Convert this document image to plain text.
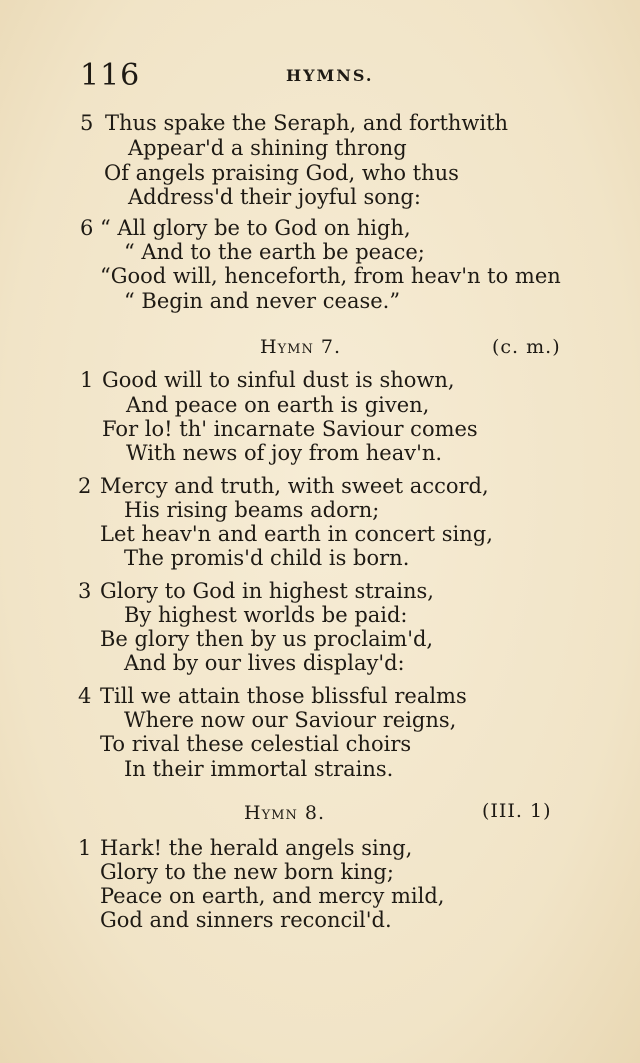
116	HYMNS.
5 Thus spake the Seraph, and forthwith
Appear'd a shining throng
Of angels praising God, who thus
Address'd their joyful song:
6 “ All glory be to God on high,
“ And to the earth be peace;
“Good will, henceforth, from heav'n to men
“ Begin and never cease.”
Hymn 7.	(c. m.)
1 Good will to sinful dust is shown,
And peace on earth is given,
For lo! th' incarnate Saviour comes
With news of joy from heav'n.
2 Mercy and truth, with sweet accord,
His rising beams adorn;
Let heav'n and earth in concert sing,
The promis'd child is born.
3 Glory to God in highest strains,
By highest worlds be paid:
Be glory then by us proclaim'd,
And by our lives display'd:
4 Till we attain those blissful realms
Where now our Saviour reigns,
To rival these celestial choirs
In their immortal strains.
Hymn 8.	(III. 1)
1 Hark! the herald angels sing,
Glory to the new born king;
Peace on earth, and mercy mild,
God and sinners reconcil'd.
